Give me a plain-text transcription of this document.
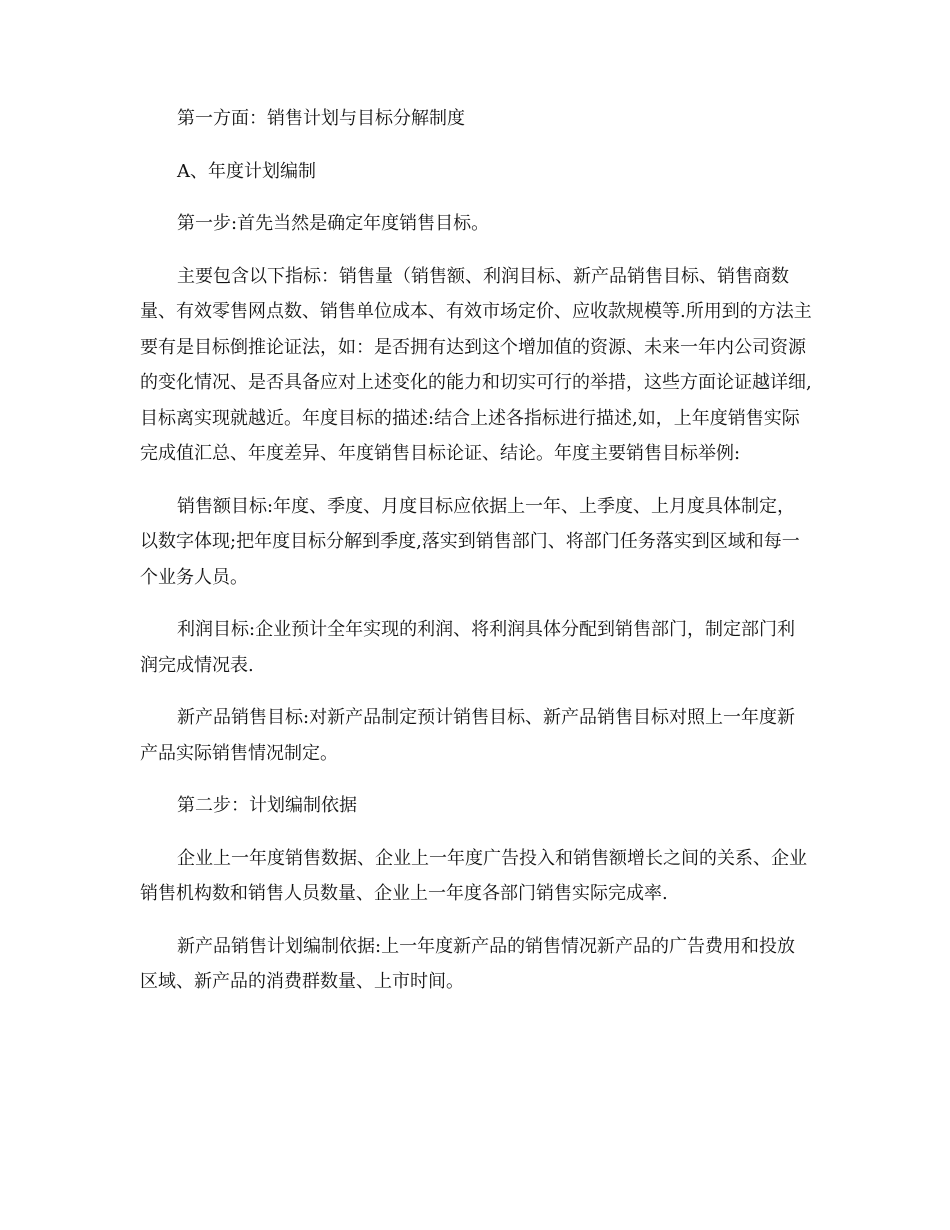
第一方面：销售计划与目标分解制度

A、年度计划编制

第一步:首先当然是确定年度销售目标。

主要包含以下指标：销售量（销售额、利润目标、新产品销售目标、销售商数量、有效零售网点数、销售单位成本、有效市场定价、应收款规模等.所用到的方法主要有是目标倒推论证法，如：是否拥有达到这个增加值的资源、未来一年内公司资源的变化情况、是否具备应对上述变化的能力和切实可行的举措，这些方面论证越详细,目标离实现就越近。年度目标的描述:结合上述各指标进行描述,如，上年度销售实际完成值汇总、年度差异、年度销售目标论证、结论。年度主要销售目标举例:

销售额目标:年度、季度、月度目标应依据上一年、上季度、上月度具体制定，以数字体现;把年度目标分解到季度,落实到销售部门、将部门任务落实到区域和每一个业务人员。

利润目标:企业预计全年实现的利润、将利润具体分配到销售部门，制定部门利润完成情况表.

新产品销售目标:对新产品制定预计销售目标、新产品销售目标对照上一年度新产品实际销售情况制定。

第二步：计划编制依据

企业上一年度销售数据、企业上一年度广告投入和销售额增长之间的关系、企业销售机构数和销售人员数量、企业上一年度各部门销售实际完成率.

新产品销售计划编制依据:上一年度新产品的销售情况新产品的广告费用和投放区域、新产品的消费群数量、上市时间。
